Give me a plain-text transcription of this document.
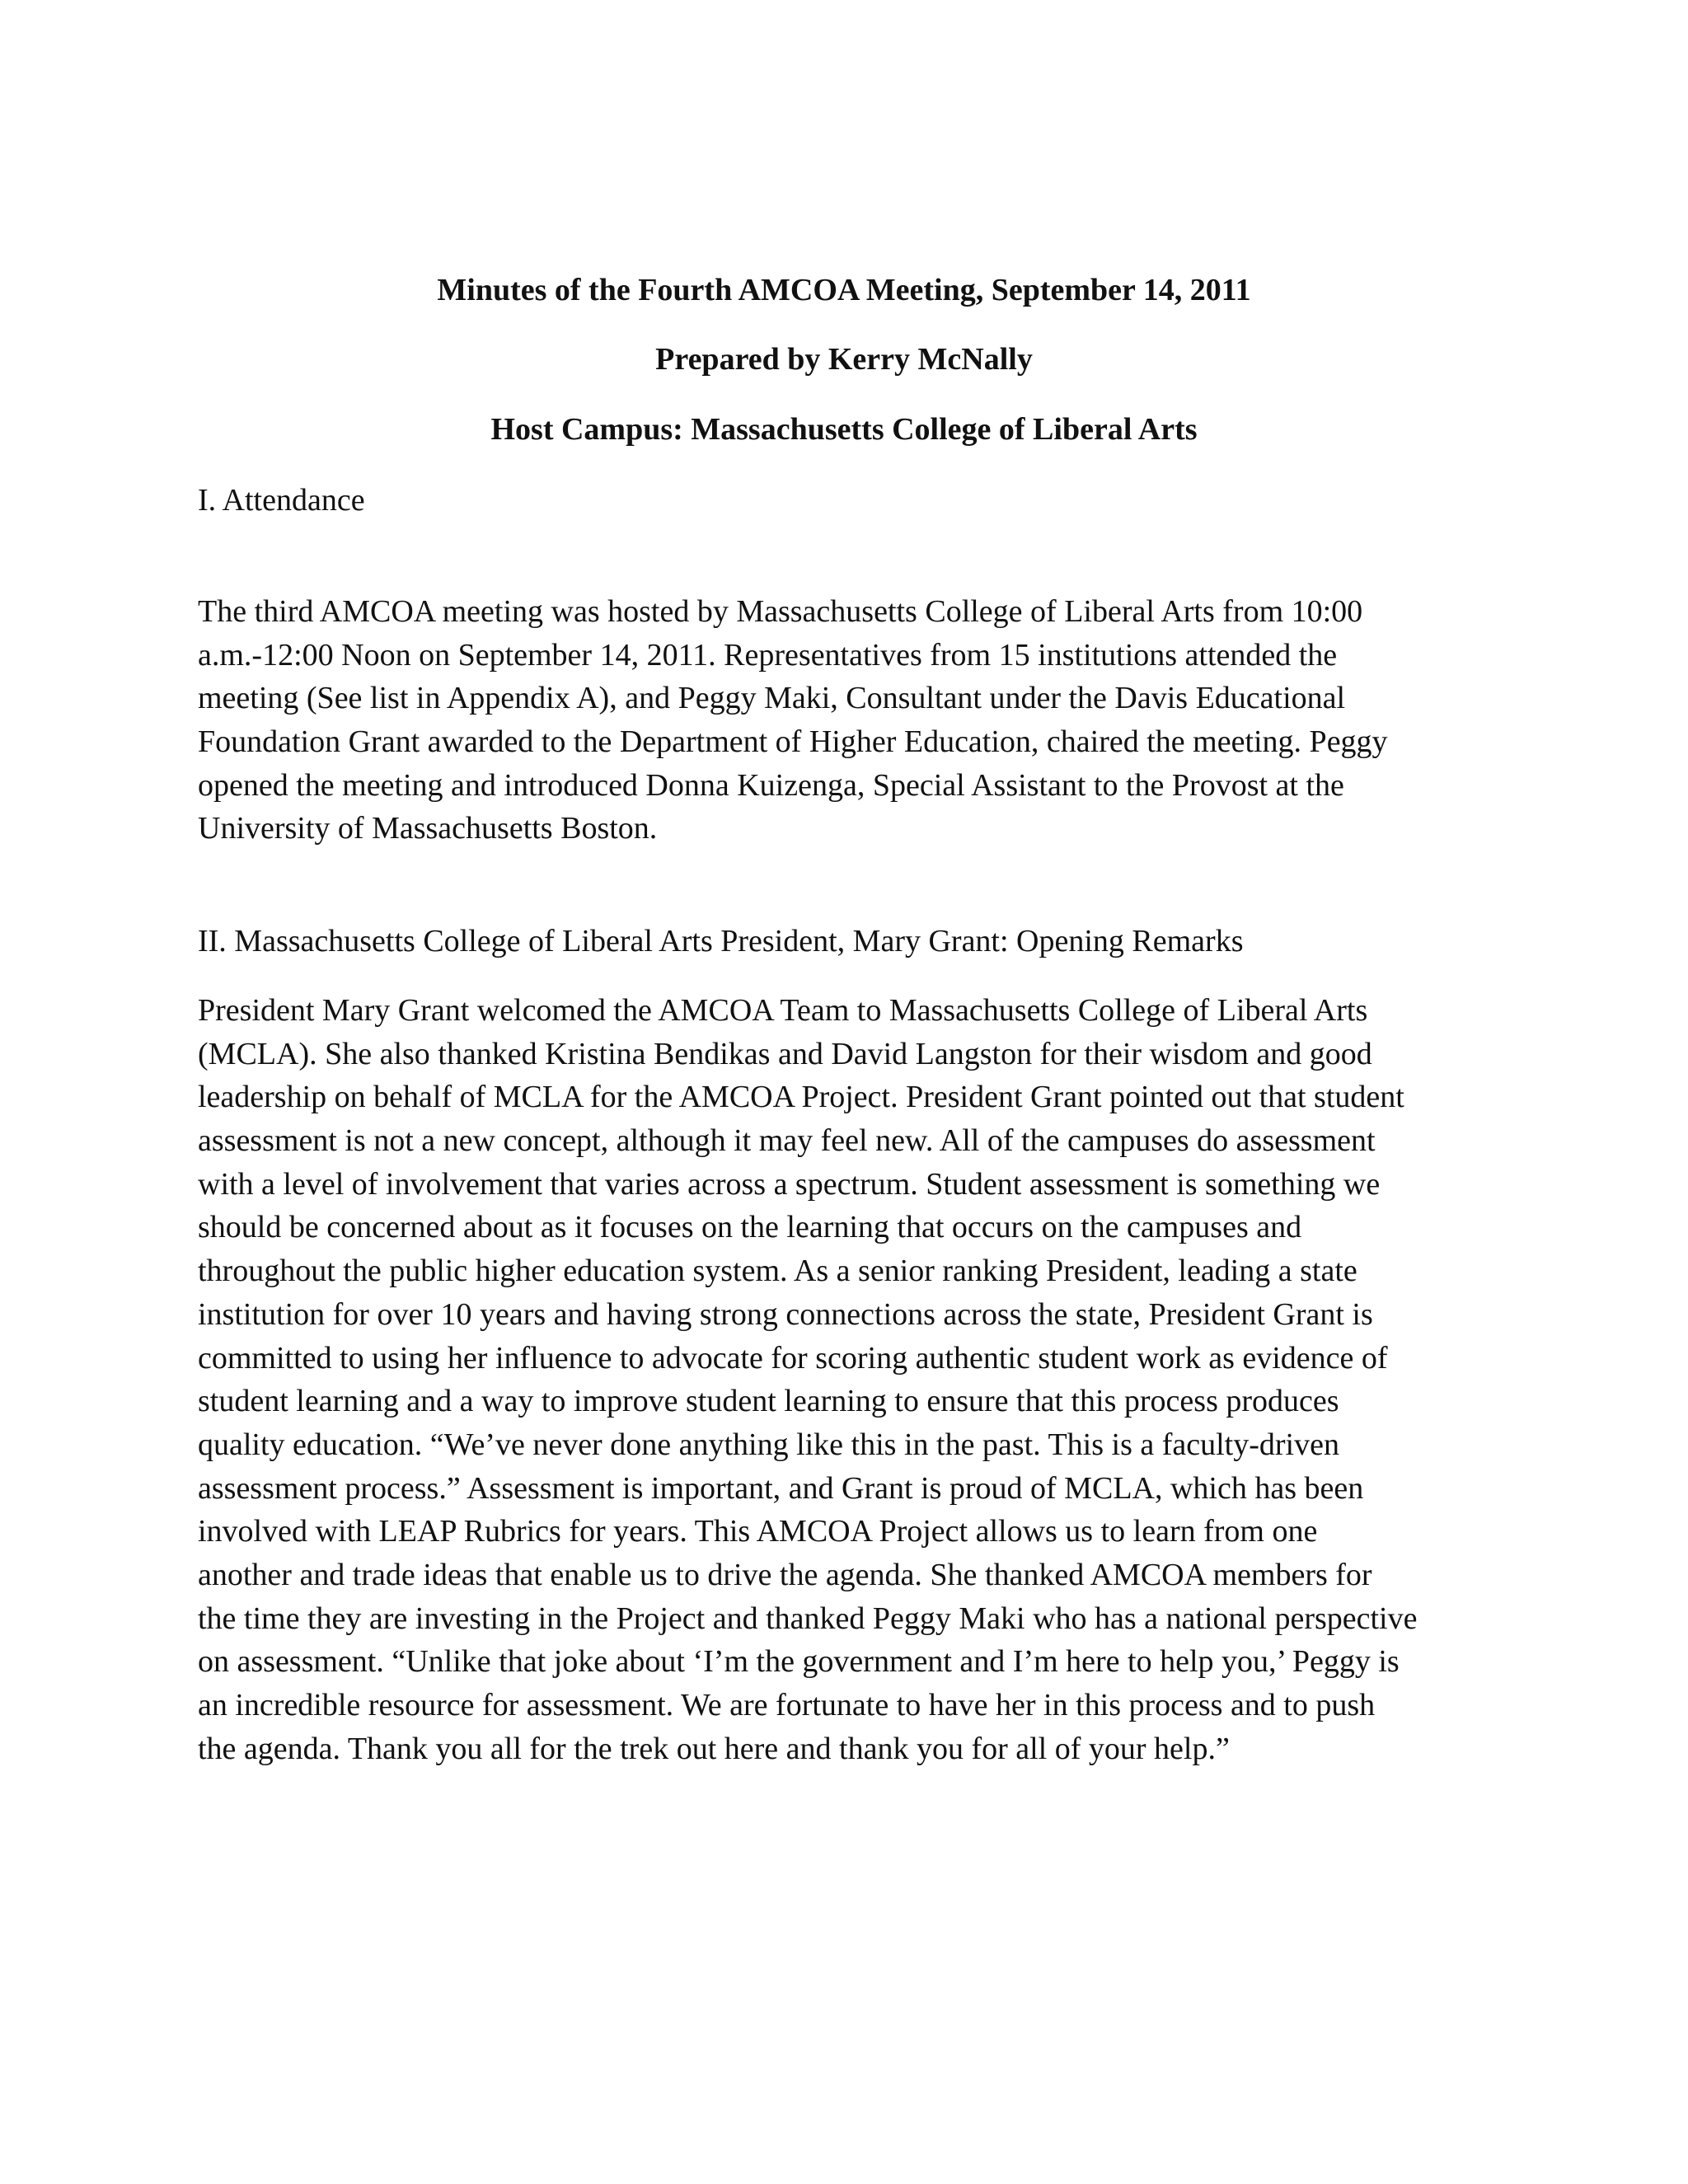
Minutes of the Fourth AMCOA Meeting, September 14, 2011
Prepared by Kerry McNally
Host Campus: Massachusetts College of Liberal Arts
I. Attendance
The third AMCOA meeting was hosted by Massachusetts College of Liberal Arts from 10:00
a.m.-12:00 Noon on September 14, 2011. Representatives from 15 institutions attended the
meeting (See list in Appendix A), and Peggy Maki, Consultant under the Davis Educational
Foundation Grant awarded to the Department of Higher Education, chaired the meeting. Peggy
opened the meeting and introduced Donna Kuizenga, Special Assistant to the Provost at the
University of Massachusetts Boston.
II. Massachusetts College of Liberal Arts President, Mary Grant: Opening Remarks
President Mary Grant welcomed the AMCOA Team to Massachusetts College of Liberal Arts
(MCLA). She also thanked Kristina Bendikas and David Langston for their wisdom and good
leadership on behalf of MCLA for the AMCOA Project. President Grant pointed out that student
assessment is not a new concept, although it may feel new. All of the campuses do assessment
with a level of involvement that varies across a spectrum. Student assessment is something we
should be concerned about as it focuses on the learning that occurs on the campuses and
throughout the public higher education system. As a senior ranking President, leading a state
institution for over 10 years and having strong connections across the state, President Grant is
committed to using her influence to advocate for scoring authentic student work as evidence of
student learning and a way to improve student learning to ensure that this process produces
quality education. “We’ve never done anything like this in the past. This is a faculty-driven
assessment process.” Assessment is important, and Grant is proud of MCLA, which has been
involved with LEAP Rubrics for years. This AMCOA Project allows us to learn from one
another and trade ideas that enable us to drive the agenda. She thanked AMCOA members for
the time they are investing in the Project and thanked Peggy Maki who has a national perspective
on assessment. “Unlike that joke about ‘I’m the government and I’m here to help you,’ Peggy is
an incredible resource for assessment. We are fortunate to have her in this process and to push
the agenda. Thank you all for the trek out here and thank you for all of your help.”
